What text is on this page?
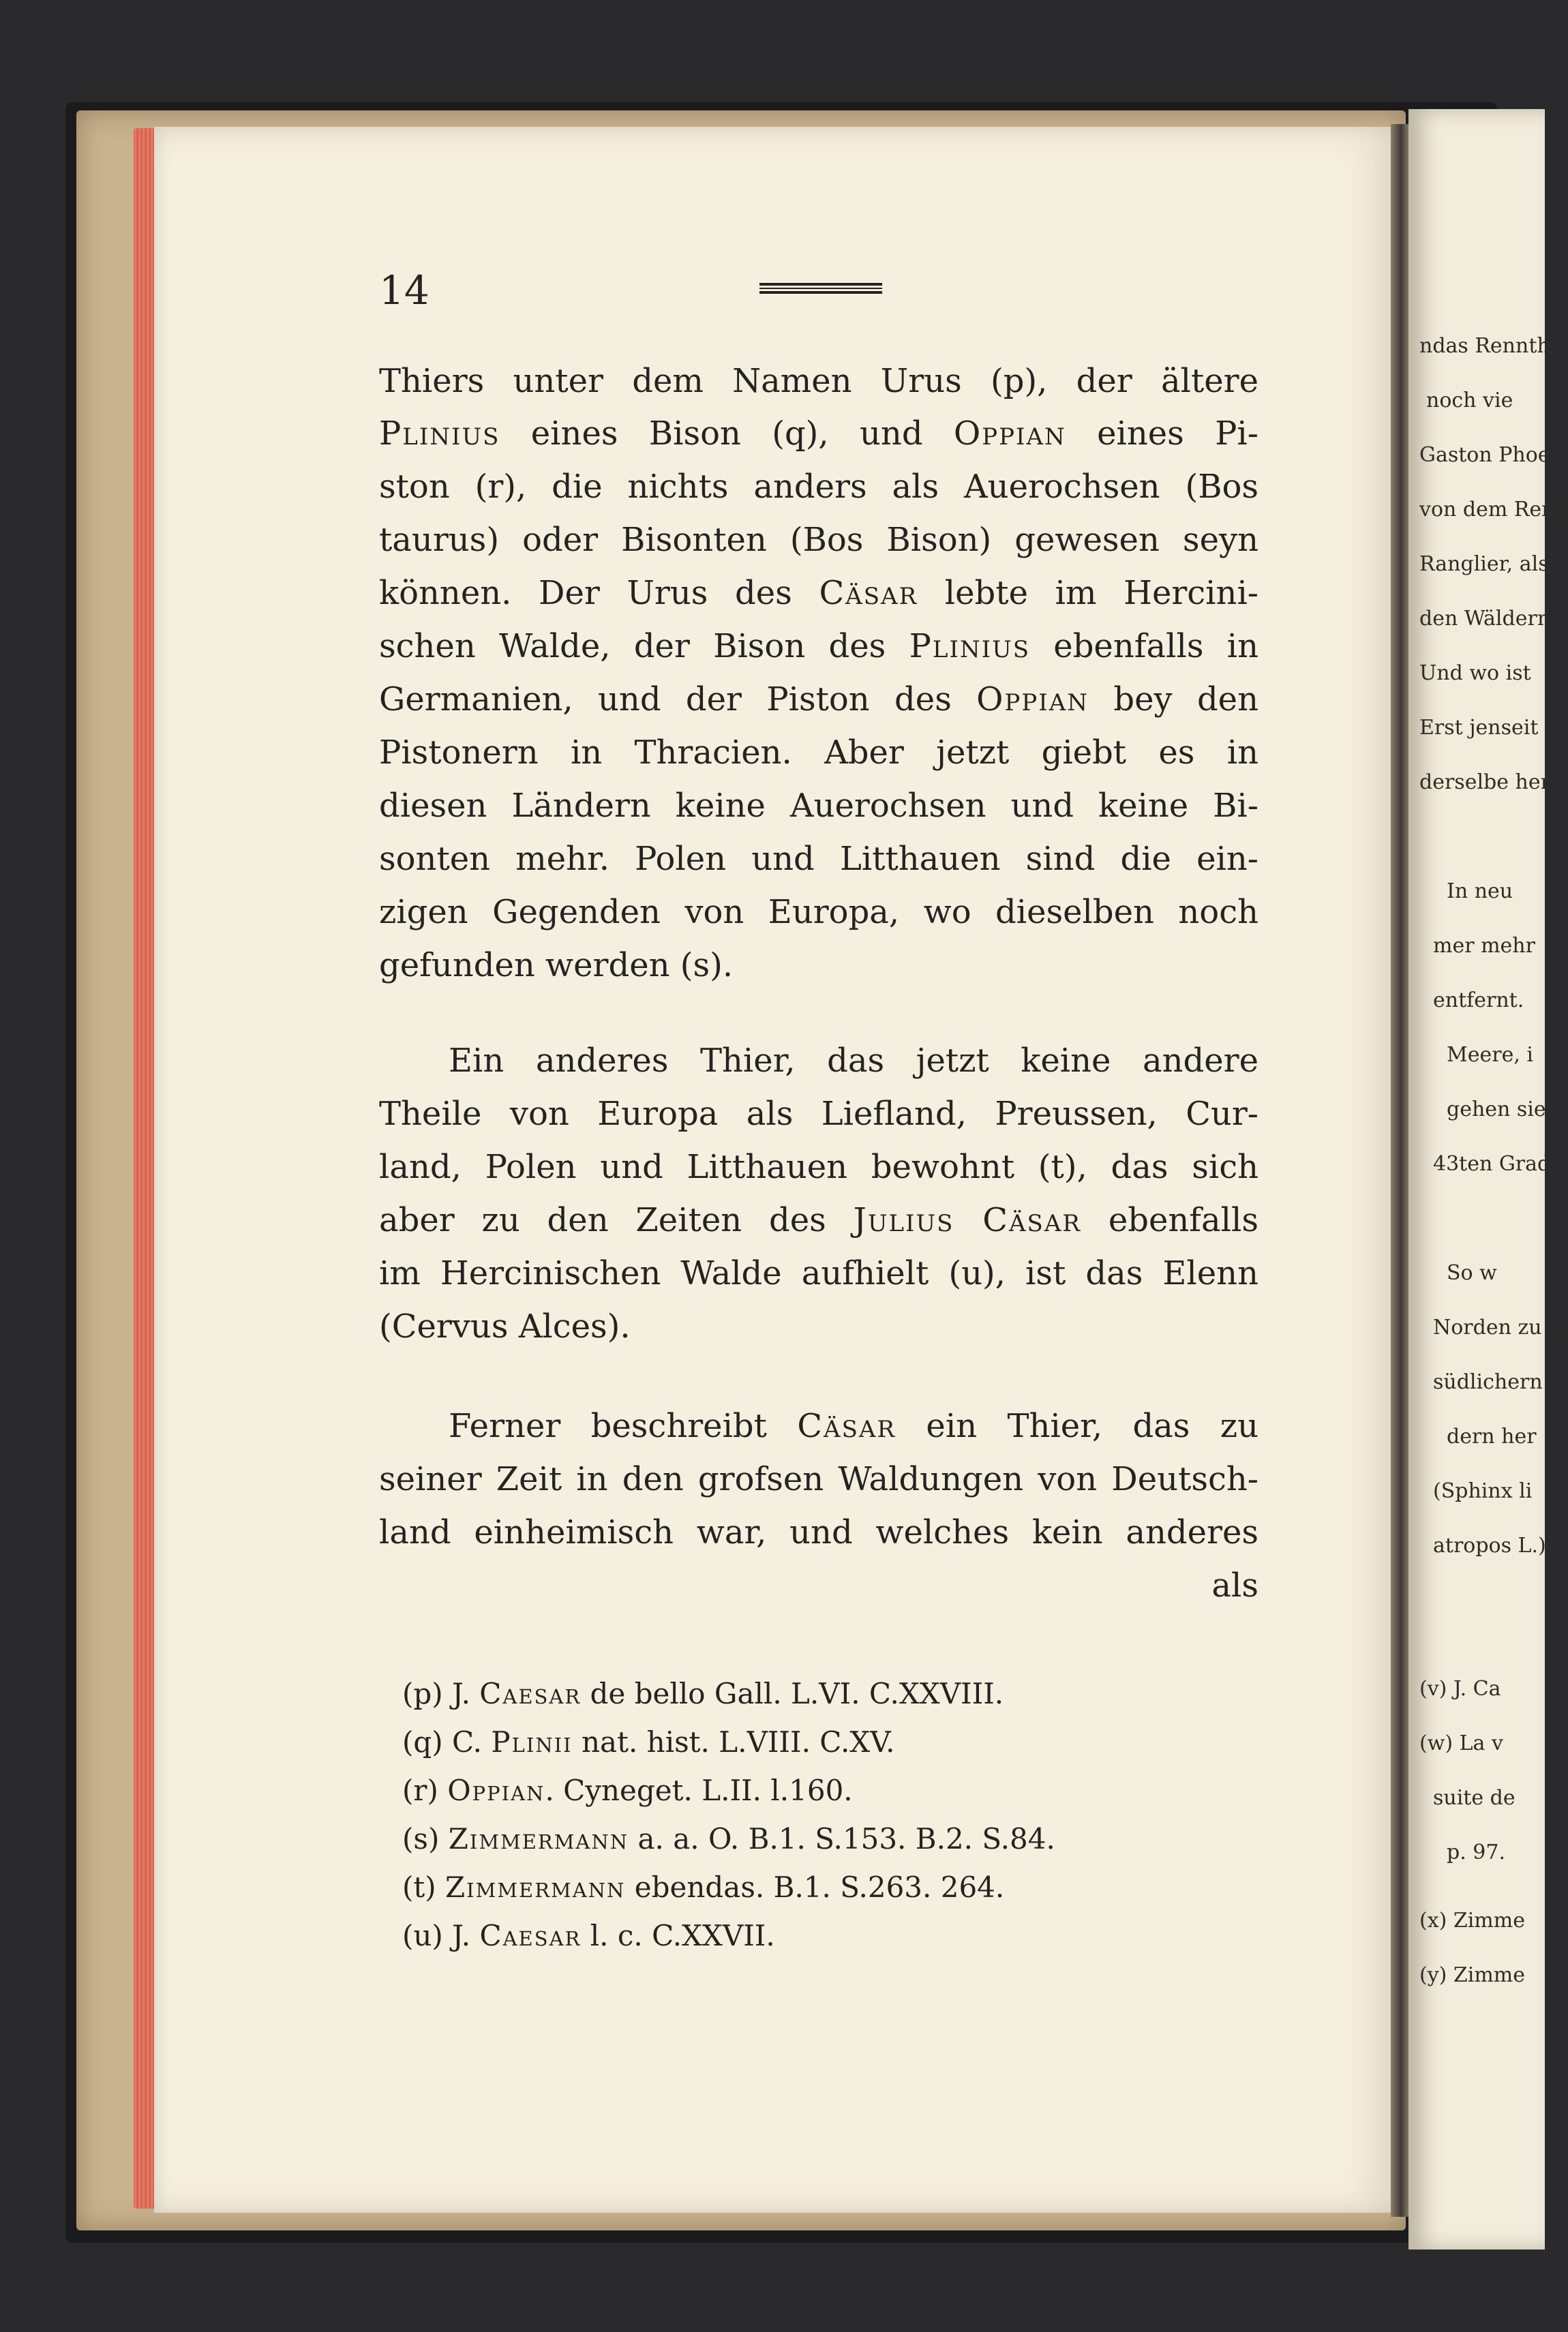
ndas Rennth
noch vie
Gaston Phoe
von dem Renn
Ranglier, als
den Wäldern
Und wo ist
Erst jenseit
derselbe her
In neu
mer mehr
entfernt.
Meere, i
gehen sie
43ten Grad
So w
Norden zu
südlichern
dern her
(Sphinx li
atropos L.)
(v) J. Ca
(w) La v
suite de
p. 97.
(x) Zimme
(y) Zimme
14
Thiers unter dem Namen Urus (p), der ältere
Plinius eines Bison (q), und Oppian eines Pi-
ston (r), die nichts anders als Auerochsen (Bos
taurus) oder Bisonten (Bos Bison) gewesen seyn
können. Der Urus des Cäsar lebte im Hercini-
schen Walde, der Bison des Plinius ebenfalls in
Germanien, und der Piston des Oppian bey den
Pistonern in Thracien. Aber jetzt giebt es in
diesen Ländern keine Auerochsen und keine Bi-
sonten mehr. Polen und Litthauen sind die ein-
zigen Gegenden von Europa, wo dieselben noch
gefunden werden (s).
Ein anderes Thier, das jetzt keine andere
Theile von Europa als Liefland, Preussen, Cur-
land, Polen und Litthauen bewohnt (t), das sich
aber zu den Zeiten des Julius Cäsar ebenfalls
im Hercinischen Walde aufhielt (u), ist das Elenn
(Cervus Alces).
Ferner beschreibt Cäsar ein Thier, das zu
seiner Zeit in den grofsen Waldungen von Deutsch-
land einheimisch war, und welches kein anderes
als
(p) J. Caesar de bello Gall. L.VI. C.XXVIII.
(q) C. Plinii nat. hist. L.VIII. C.XV.
(r) Oppian. Cyneget. L.II. l.160.
(s) Zimmermann a. a. O. B.1. S.153. B.2. S.84.
(t) Zimmermann ebendas. B.1. S.263. 264.
(u) J. Caesar l. c. C.XXVII.
